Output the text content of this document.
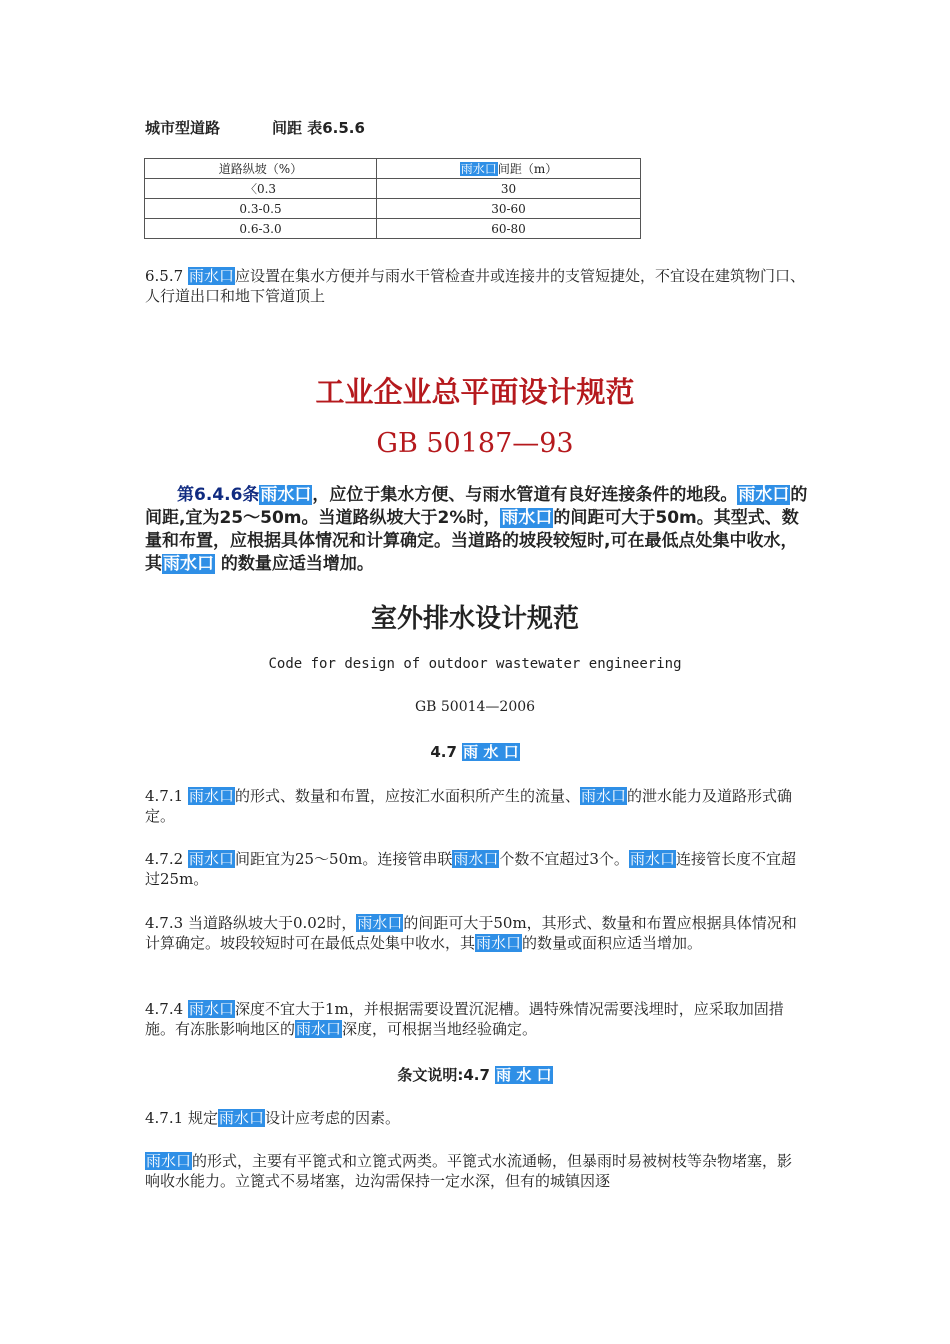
城市型道路	间距 表6.5.6
道路纵坡（%）	雨水口间距（m）
〈0.3	30
0.3-0.5	30-60
0.6-3.0	60-80
6.5.7 雨水口应设置在集水方便并与雨水干管检查井或连接井的支管短捷处，不宜设在建筑物门口、人行道出口和地下管道顶上
工业企业总平面设计规范
GB 50187—93
第6.4.6条雨水口，应位于集水方便、与雨水管道有良好连接条件的地段。雨水口的间距,宜为25～50m。当道路纵坡大于2%时，雨水口的间距可大于50m。其型式、数量和布置，应根据具体情况和计算确定。当道路的坡段较短时,可在最低点处集中收水，其雨水口 的数量应适当增加。
室外排水设计规范
Code for design of outdoor wastewater engineering
GB 50014—2006
4.7 雨 水 口
4.7.1 雨水口的形式、数量和布置，应按汇水面积所产生的流量、雨水口的泄水能力及道路形式确定。
4.7.2 雨水口间距宜为25～50m。连接管串联雨水口个数不宜超过3个。雨水口连接管长度不宜超过25m。
4.7.3 当道路纵坡大于0.02时，雨水口的间距可大于50m，其形式、数量和布置应根据具体情况和计算确定。坡段较短时可在最低点处集中收水，其雨水口的数量或面积应适当增加。
4.7.4 雨水口深度不宜大于1m，并根据需要设置沉泥槽。遇特殊情况需要浅埋时，应采取加固措施。有冻胀影响地区的雨水口深度，可根据当地经验确定。
条文说明:4.7 雨 水 口
4.7.1 规定雨水口设计应考虑的因素。
雨水口的形式，主要有平篦式和立篦式两类。平篦式水流通畅，但暴雨时易被树枝等杂物堵塞，影响收水能力。立篦式不易堵塞，边沟需保持一定水深，但有的城镇因逐
